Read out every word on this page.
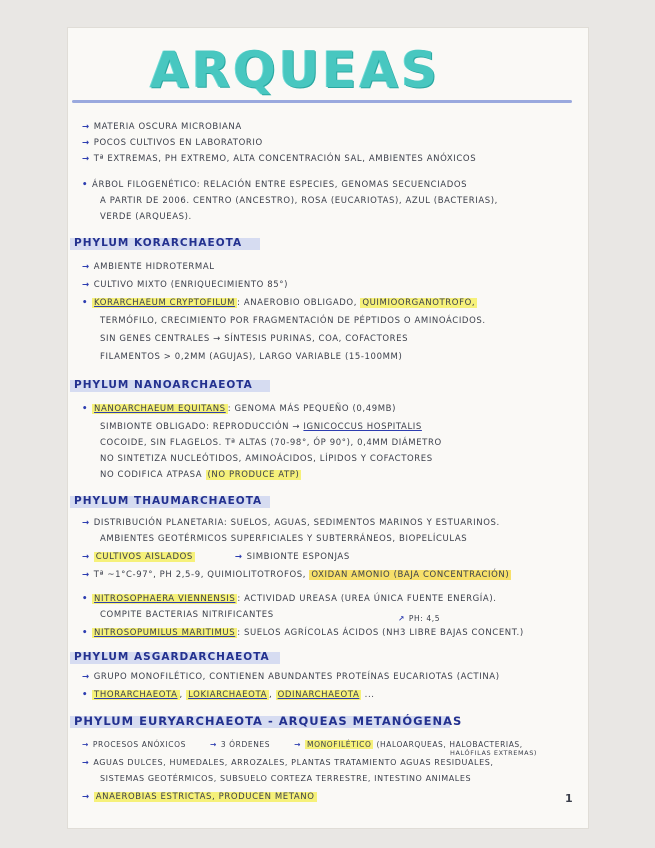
ARQUEAS
→ MATERIA OSCURA MICROBIANA
→ POCOS CULTIVOS EN LABORATORIO
→ Tª EXTREMAS, PH EXTREMO, ALTA CONCENTRACIÓN SAL, AMBIENTES ANÓXICOS
• ÁRBOL FILOGENÉTICO: RELACIÓN ENTRE ESPECIES, GENOMAS SECUENCIADOS
A PARTIR DE 2006. CENTRO (ANCESTRO), ROSA (EUCARIOTAS), AZUL (BACTERIAS),
VERDE (ARQUEAS).
PHYLUM KORARCHAEOTA
→ AMBIENTE HIDROTERMAL
→ CULTIVO MIXTO (ENRIQUECIMIENTO 85°)
• KORARCHAEUM CRYPTOFILUM : ANAEROBIO OBLIGADO, QUIMIOORGANOTROFO,
TERMÓFILO, CRECIMIENTO POR FRAGMENTACIÓN DE PÉPTIDOS O AMINOÁCIDOS.
SIN GENES CENTRALES → SÍNTESIS PURINAS, COA, COFACTORES
FILAMENTOS > 0,2ΜM (AGUJAS), LARGO VARIABLE (15-100ΜM)
PHYLUM NANOARCHAEOTA
• NANOARCHAEUM EQUITANS : GENOMA MÁS PEQUEÑO (0,49MB)
SIMBIONTE OBLIGADO: REPRODUCCIÓN → IGNICOCCUS HOSPITALIS
COCOIDE, SIN FLAGELOS. Tª ALTAS (70-98°, ÓP 90°), 0,4MM DIÁMETRO
NO SINTETIZA NUCLEÓTIDOS, AMINOÁCIDOS, LÍPIDOS Y COFACTORES
NO CODIFICA ATPASA (NO PRODUCE ATP)
PHYLUM THAUMARCHAEOTA
→ DISTRIBUCIÓN PLANETARIA: SUELOS, AGUAS, SEDIMENTOS MARINOS Y ESTUARINOS.
AMBIENTES GEOTÉRMICOS SUPERFICIALES Y SUBTERRÁNEOS, BIOPELÍCULAS
→ CULTIVOS AISLADOS	→ SIMBIONTE ESPONJAS
→ Tª ~1°C-97°, PH 2,5-9, QUIMIOLITOTROFOS, OXIDAN AMONIO (BAJA CONCENTRACIÓN)
• NITROSOPHAERA VIENNENSIS : ACTIVIDAD UREASA (UREA ÚNICA FUENTE ENERGÍA).
COMPITE BACTERIAS NITRIFICANTES	↗ PH: 4,5
• NITROSOPUMILUS MARITIMUS : SUELOS AGRÍCOLAS ÁCIDOS (NH3 LIBRE BAJAS CONCENT.)
PHYLUM ASGARDARCHAEOTA
→ GRUPO MONOFILÉTICO, CONTIENEN ABUNDANTES PROTEÍNAS EUCARIOTAS (ACTINA)
• THORARCHAEOTA , LOKIARCHAEOTA , ODINARCHAEOTA ...
PHYLUM EURYARCHAEOTA - ARQUEAS METANÓGENAS
→ PROCESOS ANÓXICOS	→ 3 ÓRDENES	→ MONOFILÉTICO (HALOARQUEAS, HALOBACTERIAS,
HALÓFILAS EXTREMAS)
→ AGUAS DULCES, HUMEDALES, ARROZALES, PLANTAS TRATAMIENTO AGUAS RESIDUALES,
SISTEMAS GEOTÉRMICOS, SUBSUELO CORTEZA TERRESTRE, INTESTINO ANIMALES
→ ANAEROBIAS ESTRICTAS, PRODUCEN METANO	1
